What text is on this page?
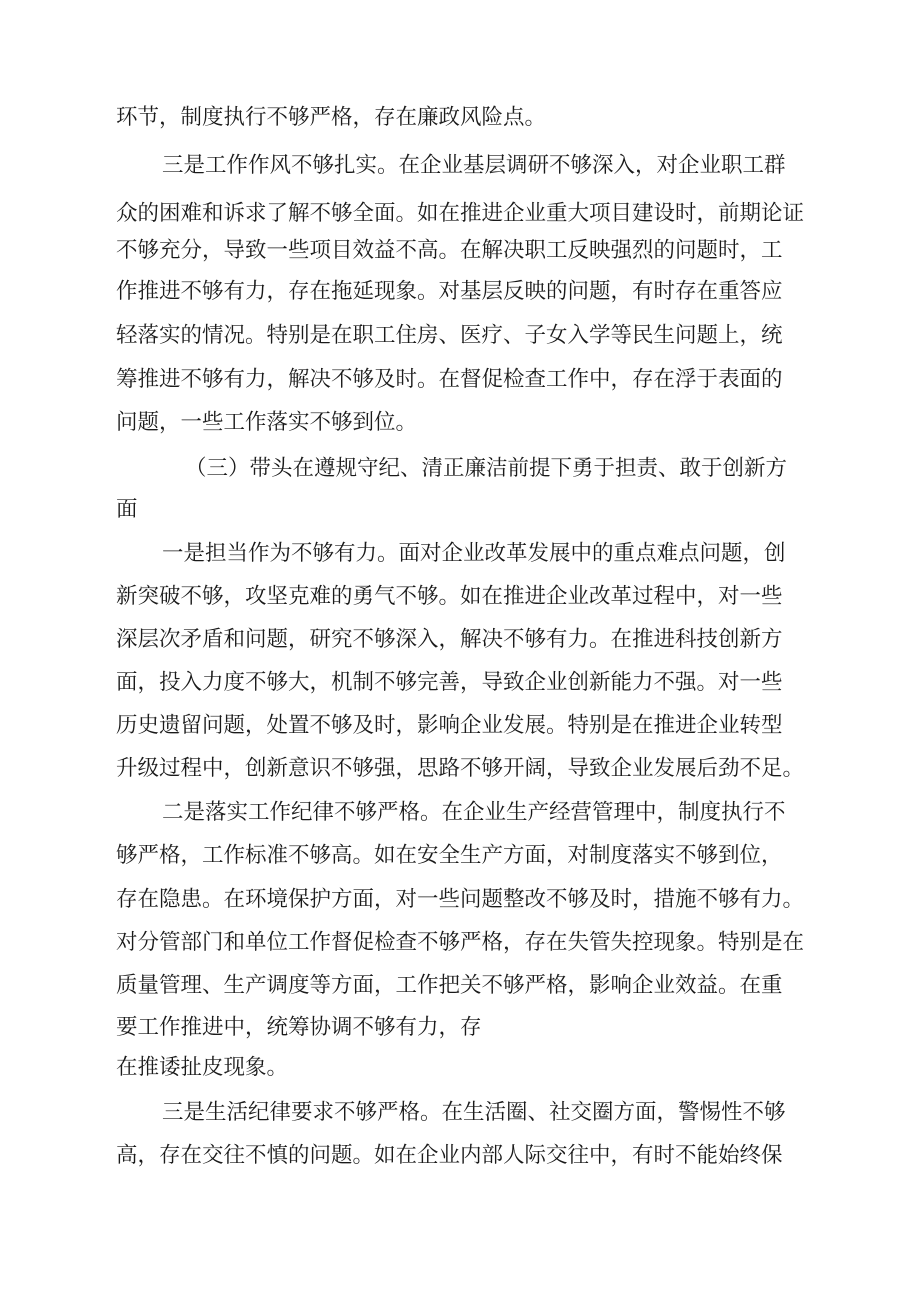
环节，制度执行不够严格，存在廉政风险点。
三是工作作风不够扎实。在企业基层调研不够深入，对企业职工群
众的困难和诉求了解不够全面。如在推进企业重大项目建设时，前期论证
不够充分，导致一些项目效益不高。在解决职工反映强烈的问题时，工
作推进不够有力，存在拖延现象。对基层反映的问题，有时存在重答应
轻落实的情况。特别是在职工住房、医疗、子女入学等民生问题上，统
筹推进不够有力，解决不够及时。在督促检查工作中，存在浮于表面的
问题，一些工作落实不够到位。
（三）带头在遵规守纪、清正廉洁前提下勇于担责、敢于创新方
面
一是担当作为不够有力。面对企业改革发展中的重点难点问题，创
新突破不够，攻坚克难的勇气不够。如在推进企业改革过程中，对一些
深层次矛盾和问题，研究不够深入，解决不够有力。在推进科技创新方
面，投入力度不够大，机制不够完善，导致企业创新能力不强。对一些
历史遗留问题，处置不够及时，影响企业发展。特别是在推进企业转型
升级过程中，创新意识不够强，思路不够开阔，导致企业发展后劲不足。
二是落实工作纪律不够严格。在企业生产经营管理中，制度执行不
够严格，工作标准不够高。如在安全生产方面，对制度落实不够到位，
存在隐患。在环境保护方面，对一些问题整改不够及时，措施不够有力。
对分管部门和单位工作督促检查不够严格，存在失管失控现象。特别是在
质量管理、生产调度等方面，工作把关不够严格，影响企业效益。在重
要工作推进中，统筹协调不够有力，存
在推诿扯皮现象。
三是生活纪律要求不够严格。在生活圈、社交圈方面，警惕性不够
高，存在交往不慎的问题。如在企业内部人际交往中，有时不能始终保
